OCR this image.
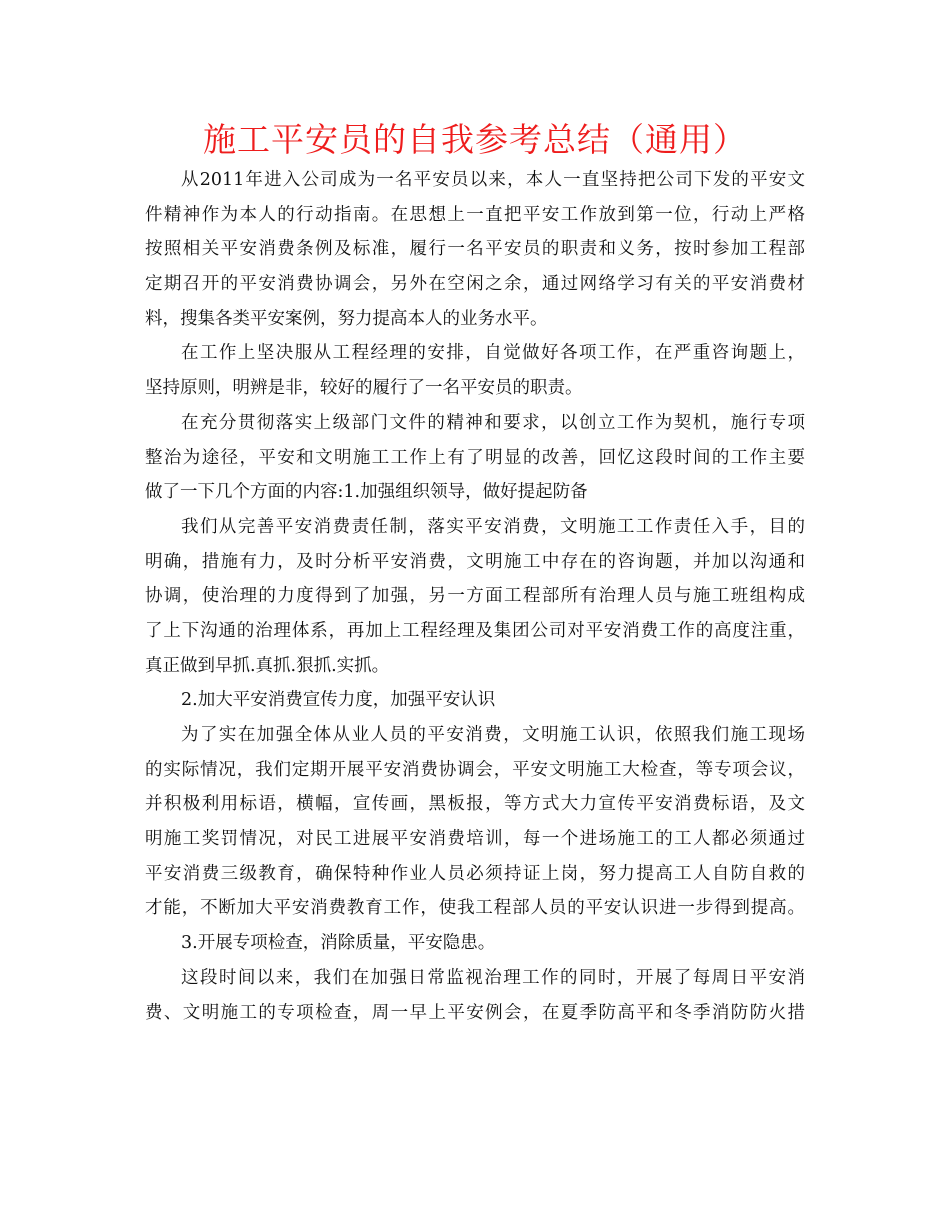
施工平安员的自我参考总结（通用）
从2011年进入公司成为一名平安员以来，本人一直坚持把公司下发的平安文
件精神作为本人的行动指南。在思想上一直把平安工作放到第一位，行动上严格
按照相关平安消费条例及标准，履行一名平安员的职责和义务，按时参加工程部
定期召开的平安消费协调会，另外在空闲之余，通过网络学习有关的平安消费材
料，搜集各类平安案例，努力提高本人的业务水平。
在工作上坚决服从工程经理的安排，自觉做好各项工作，在严重咨询题上，
坚持原则，明辨是非，较好的履行了一名平安员的职责。
在充分贯彻落实上级部门文件的精神和要求，以创立工作为契机，施行专项
整治为途径，平安和文明施工工作上有了明显的改善，回忆这段时间的工作主要
做了一下几个方面的内容:1.加强组织领导，做好提起防备
我们从完善平安消费责任制，落实平安消费，文明施工工作责任入手，目的
明确，措施有力，及时分析平安消费，文明施工中存在的咨询题，并加以沟通和
协调，使治理的力度得到了加强，另一方面工程部所有治理人员与施工班组构成
了上下沟通的治理体系，再加上工程经理及集团公司对平安消费工作的高度注重，
真正做到早抓.真抓.狠抓.实抓。
2.加大平安消费宣传力度，加强平安认识
为了实在加强全体从业人员的平安消费，文明施工认识，依照我们施工现场
的实际情况，我们定期开展平安消费协调会，平安文明施工大检查，等专项会议，
并积极利用标语，横幅，宣传画，黑板报，等方式大力宣传平安消费标语，及文
明施工奖罚情况，对民工进展平安消费培训，每一个进场施工的工人都必须通过
平安消费三级教育，确保特种作业人员必须持证上岗，努力提高工人自防自救的
才能，不断加大平安消费教育工作，使我工程部人员的平安认识进一步得到提高。
3.开展专项检查，消除质量，平安隐患。
这段时间以来，我们在加强日常监视治理工作的同时，开展了每周日平安消
费、文明施工的专项检查，周一早上平安例会，在夏季防高平和冬季消防防火措
